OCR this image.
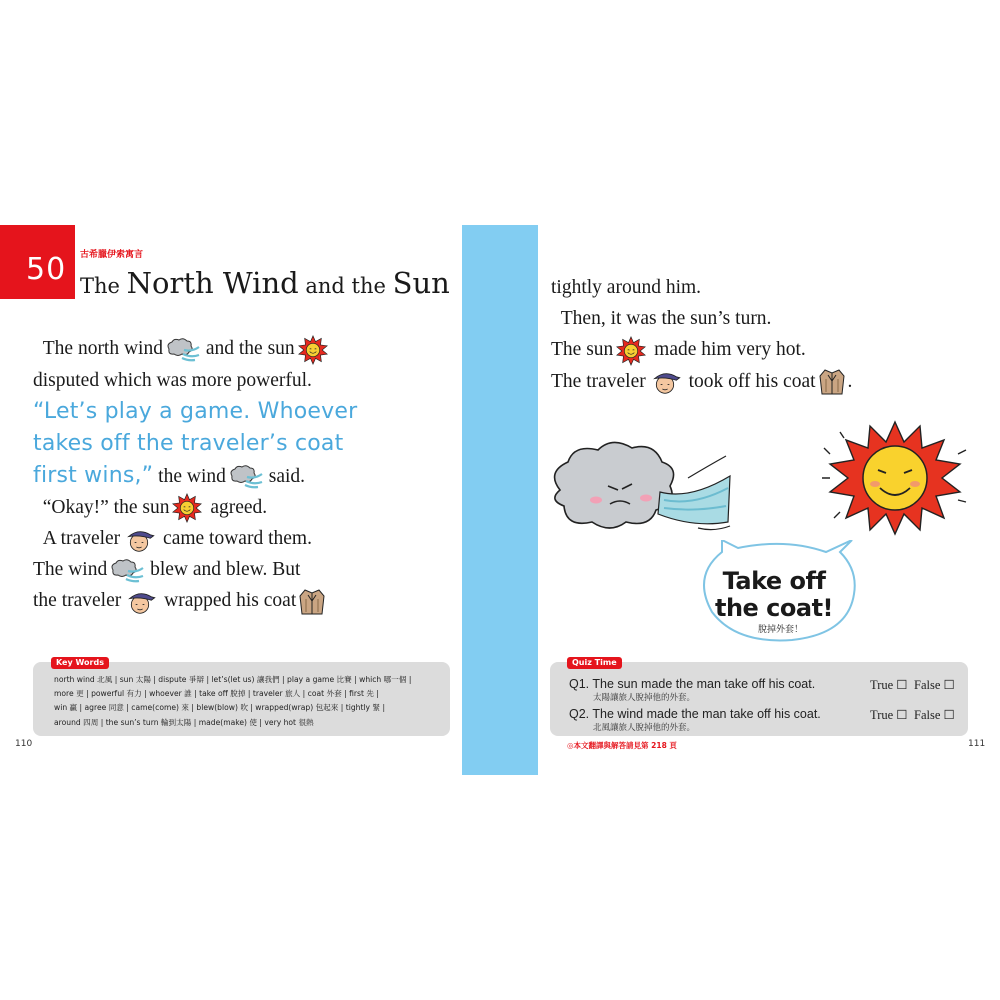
50 古希臘伊索寓言
The North Wind and the Sun
The north wind and the sun
disputed which was more powerful.
“Let’s play a game. Whoever
takes off the traveler’s coat
first wins,” the wind said.
“Okay!” the sun agreed.
A traveler came toward them.
The wind blew and blew. But
the traveler wrapped his coat
Key Words
north wind 北風 | sun 太陽 | dispute 爭辯 | let’s(let us) 讓我們 | play a game 比賽 | which 哪一個 |
more 更 | powerful 有力 | whoever 誰 | take off 脫掉 | traveler 旅人 | coat 外套 | first 先 |
win 贏 | agree 同意 | came(come) 來 | blew(blow) 吹 | wrapped(wrap) 包起來 | tightly 緊 |
around 四周 | the sun’s turn 輪到太陽 | made(make) 使 | very hot 很熱
110
tightly around him.
Then, it was the sun’s turn.
The sun made him very hot.
The traveler took off his coat .
Take off
the coat!
脫掉外套！
Quiz Time
Q1. The sun made the man take off his coat.
太陽讓旅人脫掉他的外套。
True ☐ False ☐
Q2. The wind made the man take off his coat.
北風讓旅人脫掉他的外套。
True ☐ False ☐
◎本文翻譯與解答請見第 218 頁	111
